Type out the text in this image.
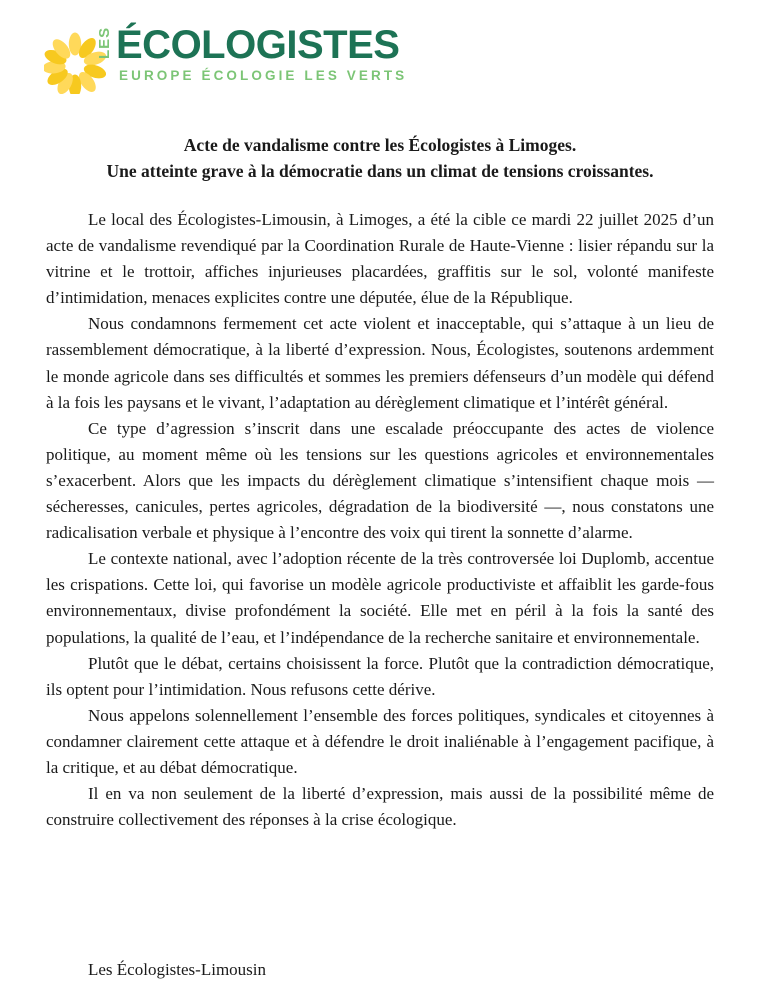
LES ÉCOLOGISTES
EUROPE ÉCOLOGIE LES VERTS
Acte de vandalisme contre les Écologistes à Limoges.
Une atteinte grave à la démocratie dans un climat de tensions croissantes.

Le local des Écologistes-Limousin, à Limoges, a été la cible ce mardi 22 juillet 2025 d’un acte de vandalisme revendiqué par la Coordination Rurale de Haute-Vienne : lisier répandu sur la vitrine et le trottoir, affiches injurieuses placardées, graffitis sur le sol, volonté manifeste d’intimidation, menaces explicites contre une députée, élue de la République.

Nous condamnons fermement cet acte violent et inacceptable, qui s’attaque à un lieu de rassemblement démocratique, à la liberté d’expression. Nous, Écologistes, soutenons ardemment le monde agricole dans ses difficultés et sommes les premiers défenseurs d’un modèle qui défend à la fois les paysans et le vivant, l’adaptation au dérèglement climatique et l’intérêt général.

Ce type d’agression s’inscrit dans une escalade préoccupante des actes de violence politique, au moment même où les tensions sur les questions agricoles et environnementales s’exacerbent. Alors que les impacts du dérèglement climatique s’intensifient chaque mois — sécheresses, canicules, pertes agricoles, dégradation de la biodiversité —, nous constatons une radicalisation verbale et physique à l’encontre des voix qui tirent la sonnette d’alarme.

Le contexte national, avec l’adoption récente de la très controversée loi Duplomb, accentue les crispations. Cette loi, qui favorise un modèle agricole productiviste et affaiblit les garde-fous environnementaux, divise profondément la société. Elle met en péril à la fois la santé des populations, la qualité de l’eau, et l’indépendance de la recherche sanitaire et environnementale.

Plutôt que le débat, certains choisissent la force. Plutôt que la contradiction démocratique, ils optent pour l’intimidation. Nous refusons cette dérive.

Nous appelons solennellement l’ensemble des forces politiques, syndicales et citoyennes à condamner clairement cette attaque et à défendre le droit inaliénable à l’engagement pacifique, à la critique, et au débat démocratique.

Il en va non seulement de la liberté d’expression, mais aussi de la possibilité même de construire collectivement des réponses à la crise écologique.

Les Écologistes-Limousin
